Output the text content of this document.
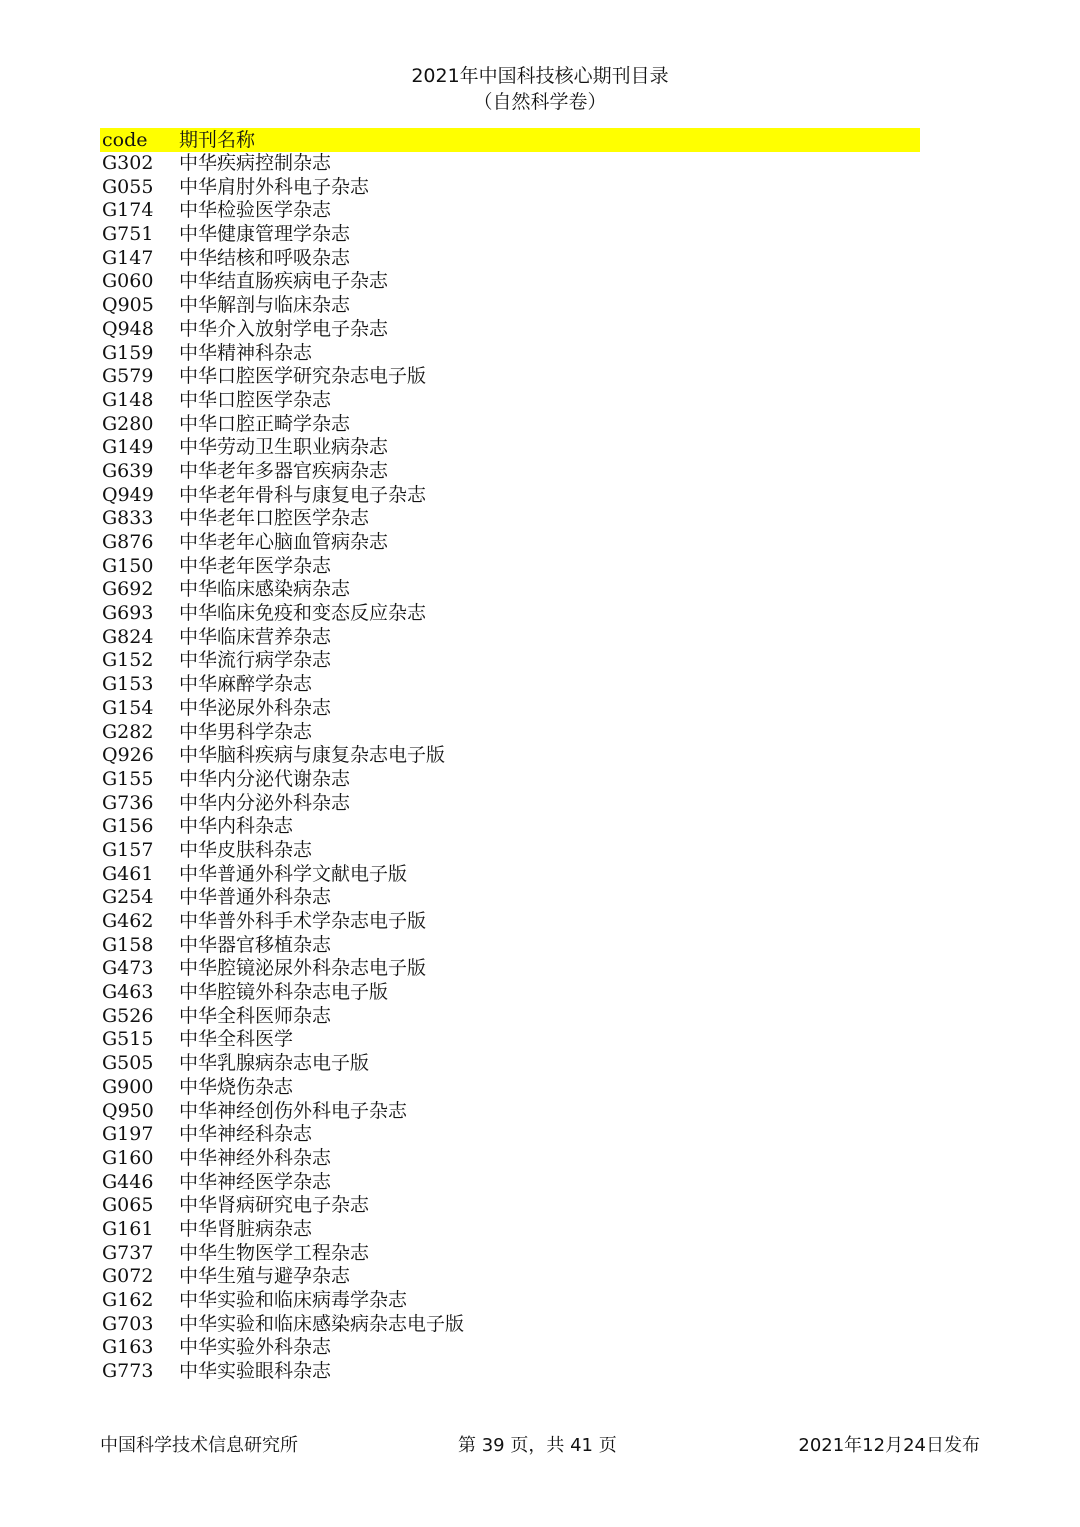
2021年中国科技核心期刊目录
（自然科学卷）
code	期刊名称
G302	中华疾病控制杂志
G055	中华肩肘外科电子杂志
G174	中华检验医学杂志
G751	中华健康管理学杂志
G147	中华结核和呼吸杂志
G060	中华结直肠疾病电子杂志
Q905	中华解剖与临床杂志
Q948	中华介入放射学电子杂志
G159	中华精神科杂志
G579	中华口腔医学研究杂志电子版
G148	中华口腔医学杂志
G280	中华口腔正畸学杂志
G149	中华劳动卫生职业病杂志
G639	中华老年多器官疾病杂志
Q949	中华老年骨科与康复电子杂志
G833	中华老年口腔医学杂志
G876	中华老年心脑血管病杂志
G150	中华老年医学杂志
G692	中华临床感染病杂志
G693	中华临床免疫和变态反应杂志
G824	中华临床营养杂志
G152	中华流行病学杂志
G153	中华麻醉学杂志
G154	中华泌尿外科杂志
G282	中华男科学杂志
Q926	中华脑科疾病与康复杂志电子版
G155	中华内分泌代谢杂志
G736	中华内分泌外科杂志
G156	中华内科杂志
G157	中华皮肤科杂志
G461	中华普通外科学文献电子版
G254	中华普通外科杂志
G462	中华普外科手术学杂志电子版
G158	中华器官移植杂志
G473	中华腔镜泌尿外科杂志电子版
G463	中华腔镜外科杂志电子版
G526	中华全科医师杂志
G515	中华全科医学
G505	中华乳腺病杂志电子版
G900	中华烧伤杂志
Q950	中华神经创伤外科电子杂志
G197	中华神经科杂志
G160	中华神经外科杂志
G446	中华神经医学杂志
G065	中华肾病研究电子杂志
G161	中华肾脏病杂志
G737	中华生物医学工程杂志
G072	中华生殖与避孕杂志
G162	中华实验和临床病毒学杂志
G703	中华实验和临床感染病杂志电子版
G163	中华实验外科杂志
G773	中华实验眼科杂志
中国科学技术信息研究所	第 39 页，共 41 页	2021年12月24日发布
